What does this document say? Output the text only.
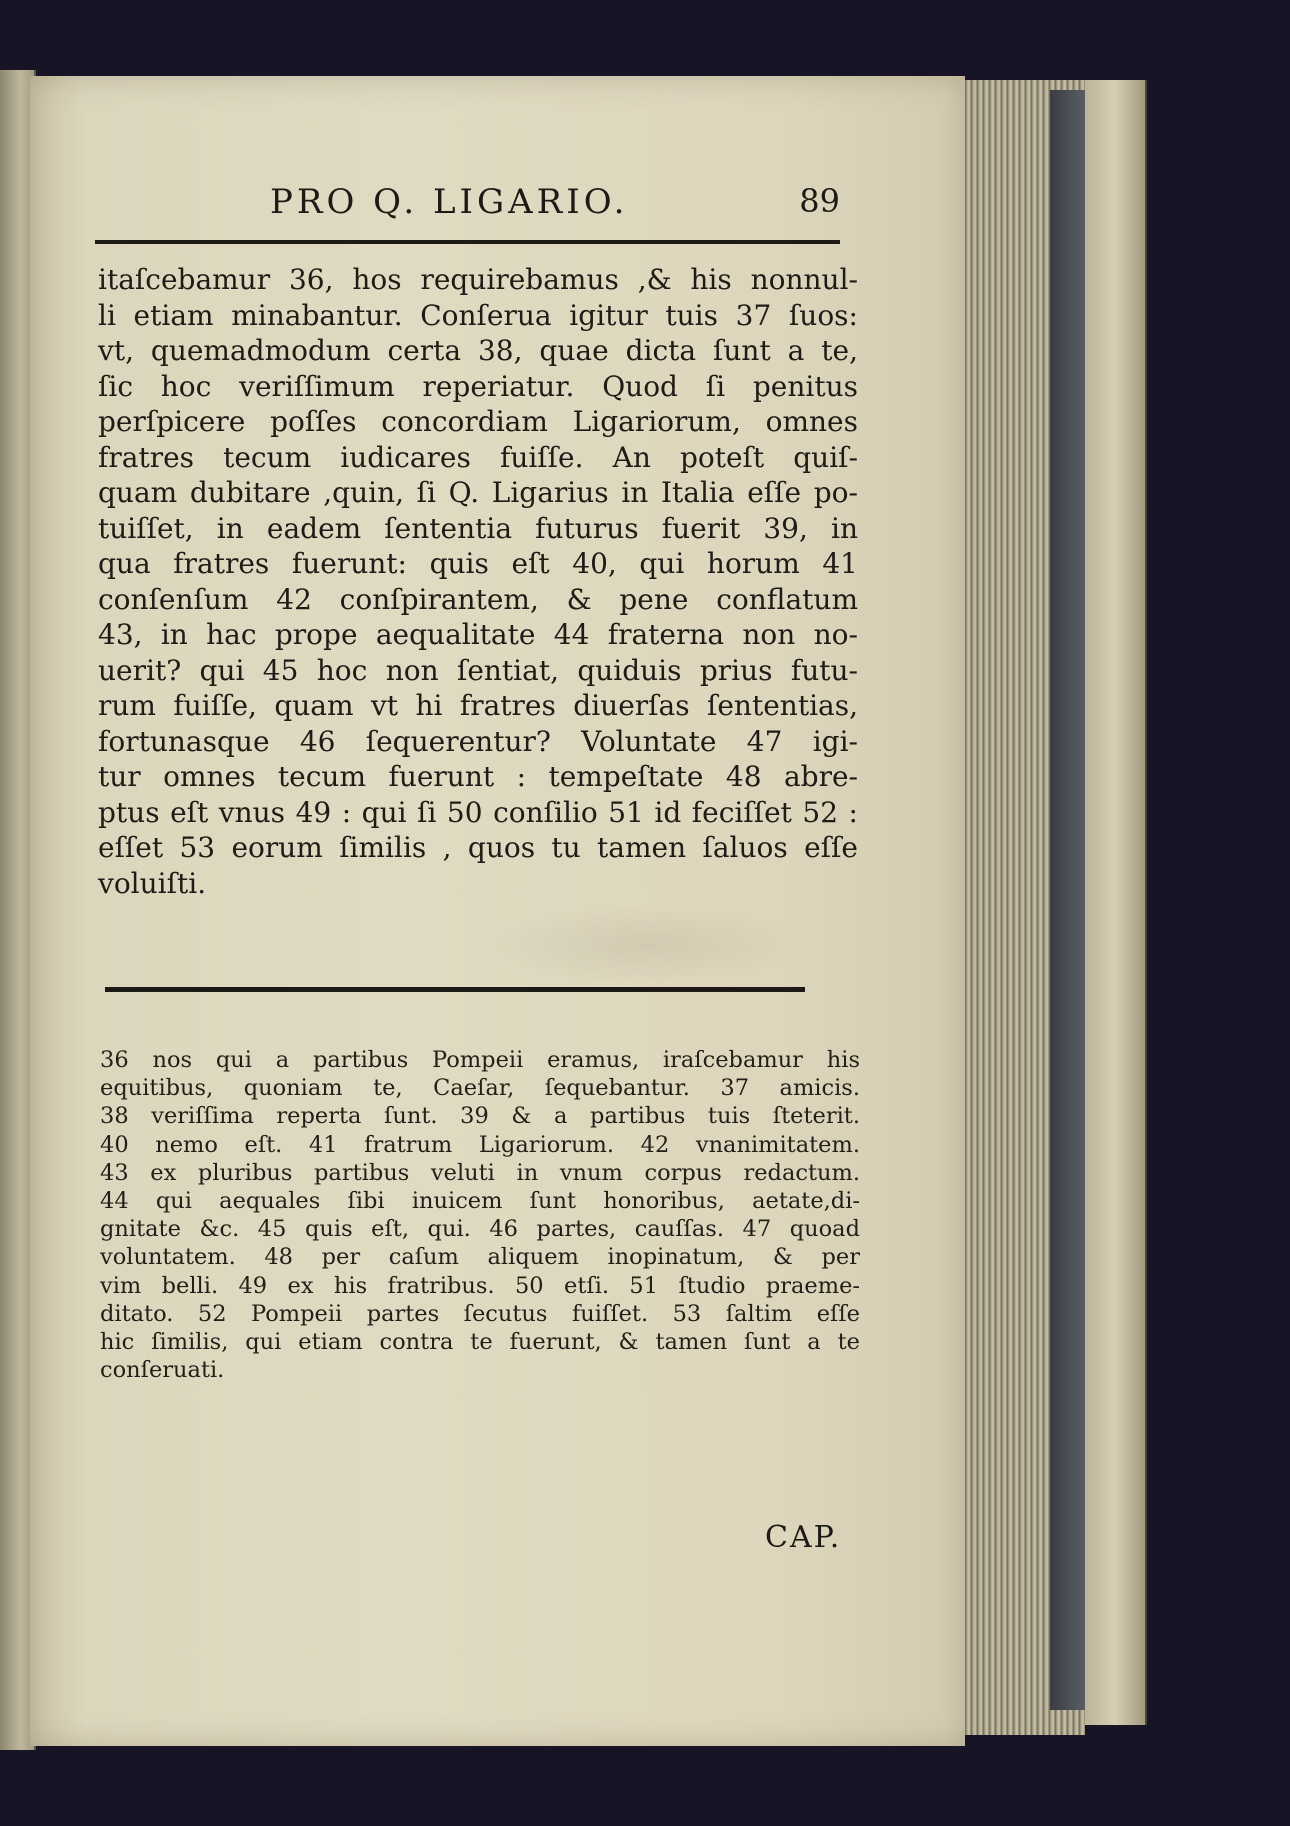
PRO Q. LIGARIO.	89
itaſcebamur 36, hos requirebamus ,& his nonnul-
li etiam minabantur. Conſerua igitur tuis 37 ſuos:
vt, quemadmodum certa 38, quae dicta ſunt a te,
ſic hoc veriſſimum reperiatur. Quod ſi penitus
perſpicere poſſes concordiam Ligariorum, omnes
fratres tecum iudicares fuiſſe. An poteſt quiſ-
quam dubitare ,quin, ſi Q. Ligarius in Italia eſſe po-
tuiſſet, in eadem ſententia futurus fuerit 39, in
qua fratres fuerunt: quis eſt 40, qui horum 41
conſenſum 42 conſpirantem, & pene conflatum
43, in hac prope aequalitate 44 fraterna non no-
uerit? qui 45 hoc non ſentiat, quiduis prius futu-
rum fuiſſe, quam vt hi fratres diuerſas ſententias,
fortunasque 46 ſequerentur? Voluntate 47 igi-
tur omnes tecum fuerunt : tempeſtate 48 abre-
ptus eſt vnus 49 : qui ſi 50 conſilio 51 id feciſſet 52 :
eſſet 53 eorum ſimilis , quos tu tamen ſaluos eſſe
voluiſti.
36 nos qui a partibus Pompeii eramus, iraſcebamur his
equitibus, quoniam te, Caeſar, ſequebantur. 37 amicis.
38 veriſſima reperta ſunt. 39 & a partibus tuis ſteterit.
40 nemo eſt. 41 fratrum Ligariorum. 42 vnanimitatem.
43 ex pluribus partibus veluti in vnum corpus redactum.
44 qui aequales ſibi inuicem ſunt honoribus, aetate,di-
gnitate &c. 45 quis eſt, qui. 46 partes, cauſſas. 47 quoad
voluntatem. 48 per caſum aliquem inopinatum, & per
vim belli. 49 ex his fratribus. 50 etſi. 51 ſtudio praeme-
ditato. 52 Pompeii partes ſecutus fuiſſet. 53 ſaltim eſſe
hic ſimilis, qui etiam contra te fuerunt, & tamen ſunt a te
conſeruati.
CAP.
